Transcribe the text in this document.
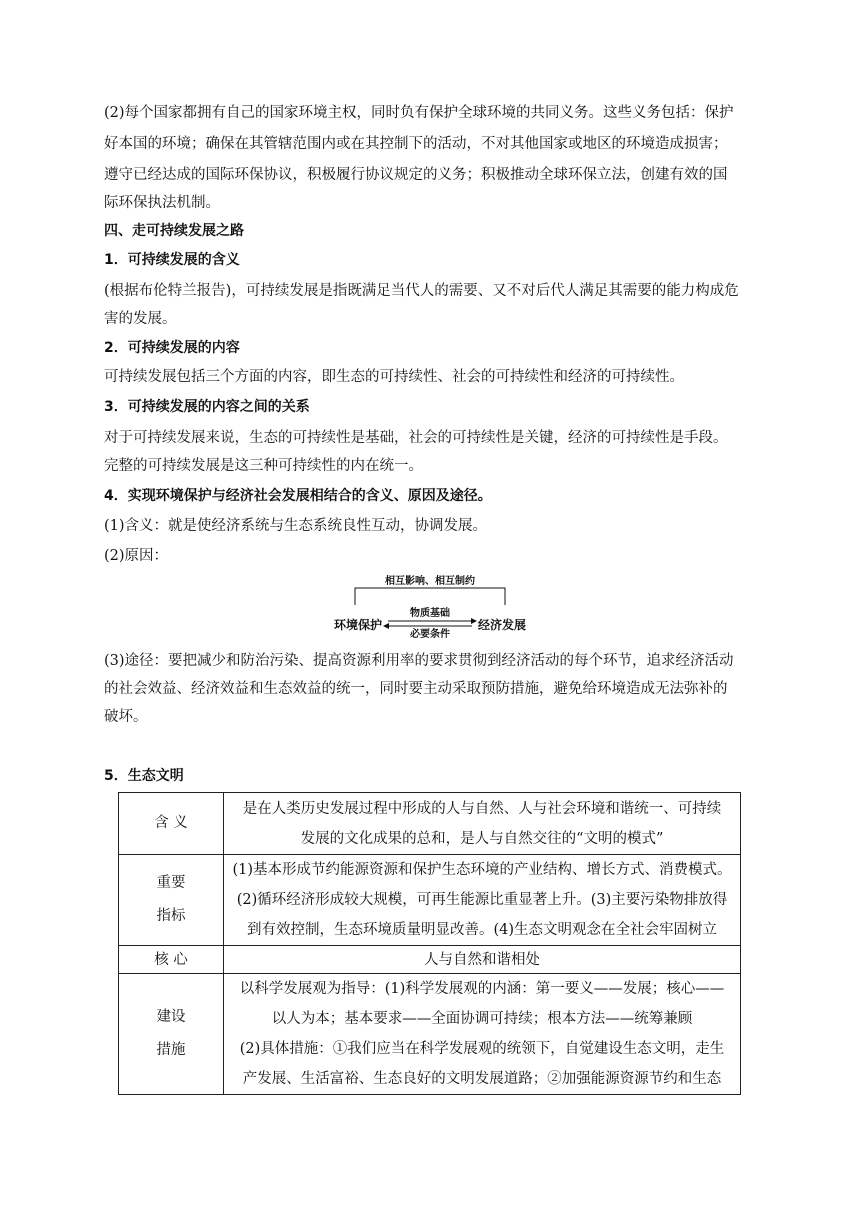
(2)每个国家都拥有自己的国家环境主权，同时负有保护全球环境的共同义务。这些义务包括：保护
好本国的环境；确保在其管辖范围内或在其控制下的活动，不对其他国家或地区的环境造成损害；
遵守已经达成的国际环保协议，积极履行协议规定的义务；积极推动全球环保立法，创建有效的国
际环保执法机制。
四、走可持续发展之路
1．可持续发展的含义
(根据布伦特兰报告)，可持续发展是指既满足当代人的需要、又不对后代人满足其需要的能力构成危
害的发展。
2．可持续发展的内容
可持续发展包括三个方面的内容，即生态的可持续性、社会的可持续性和经济的可持续性。
3．可持续发展的内容之间的关系
对于可持续发展来说，生态的可持续性是基础，社会的可持续性是关键，经济的可持续性是手段。
完整的可持续发展是这三种可持续性的内在统一。
4．实现环境保护与经济社会发展相结合的含义、原因及途径。
(1)含义：就是使经济系统与生态系统良性互动，协调发展。
(2)原因：
相互影响、相互制约
物质基础
环境保护	经济发展
必要条件
(3)途径：要把减少和防治污染、提高资源利用率的要求贯彻到经济活动的每个环节，追求经济活动
的社会效益、经济效益和生态效益的统一，同时要主动采取预防措施，避免给环境造成无法弥补的
破坏。
5．生态文明
含 义	是在人类历史发展过程中形成的人与自然、人与社会环境和谐统一、可持续
发展的文化成果的总和，是人与自然交往的“文明的模式”

重要
指标	(1)基本形成节约能源资源和保护生态环境的产业结构、增长方式、消费模式。
(2)循环经济形成较大规模，可再生能源比重显著上升。(3)主要污染物排放得
到有效控制，生态环境质量明显改善。(4)生态文明观念在全社会牢固树立

核 心	人与自然和谐相处

建设
措施	以科学发展观为指导：(1)科学发展观的内涵：第一要义——发展；核心——
以人为本；基本要求——全面协调可持续；根本方法——统筹兼顾
(2)具体措施：①我们应当在科学发展观的统领下，自觉建设生态文明，走生
产发展、生活富裕、生态良好的文明发展道路；②加强能源资源节约和生态
